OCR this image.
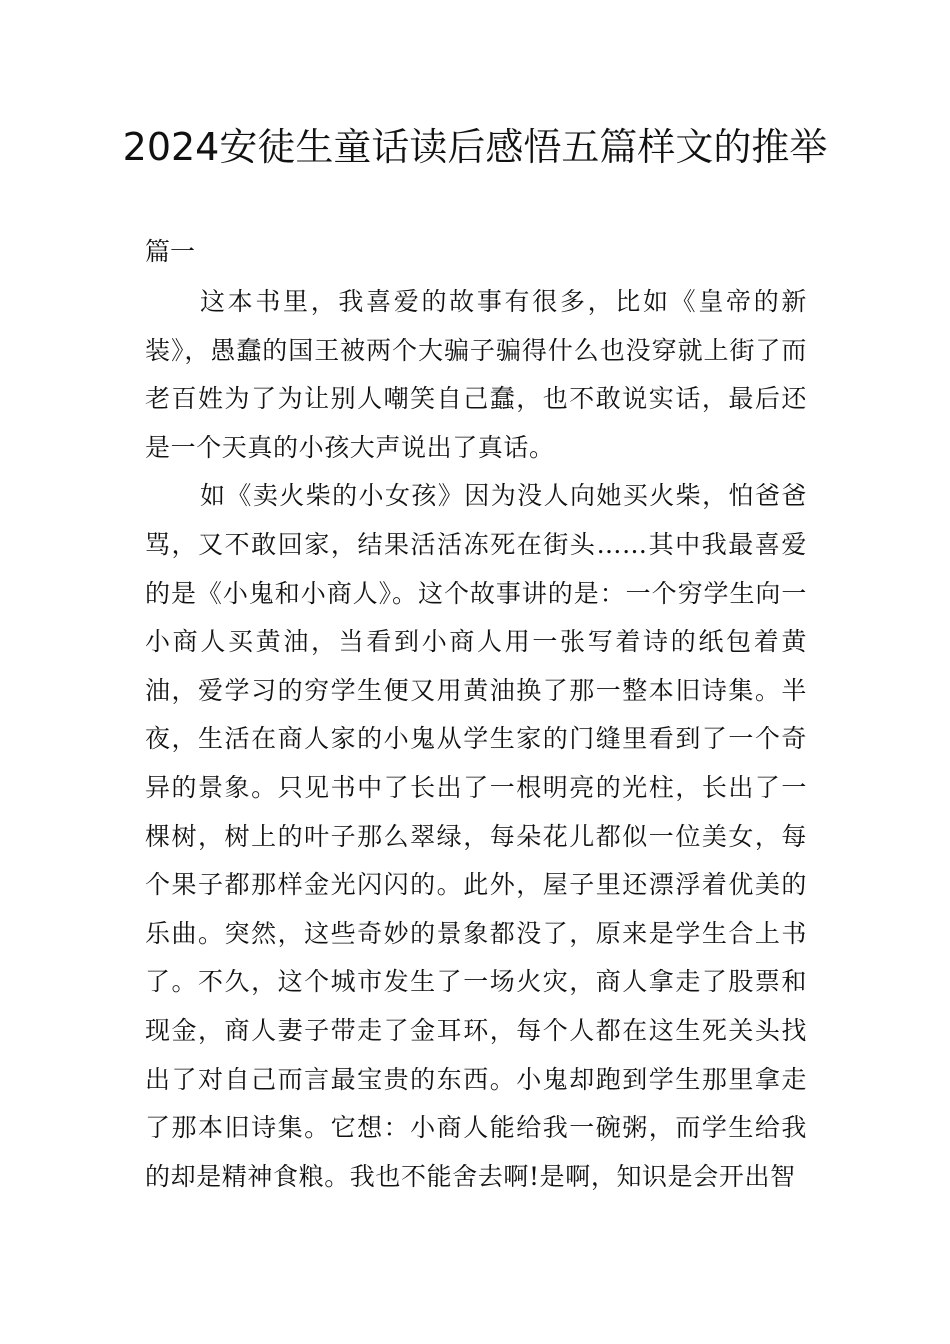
2024安徒生童话读后感悟五篇样文的推举

篇一

这本书里，我喜爱的故事有很多，比如《皇帝的新装》，愚蠢的国王被两个大骗子骗得什么也没穿就上街了而老百姓为了为让别人嘲笑自己蠢，也不敢说实话，最后还是一个天真的小孩大声说出了真话。

如《卖火柴的小女孩》因为没人向她买火柴，怕爸爸骂，又不敢回家，结果活活冻死在街头……其中我最喜爱的是《小鬼和小商人》。这个故事讲的是：一个穷学生向一小商人买黄油，当看到小商人用一张写着诗的纸包着黄油，爱学习的穷学生便又用黄油换了那一整本旧诗集。半夜，生活在商人家的小鬼从学生家的门缝里看到了一个奇异的景象。只见书中了长出了一根明亮的光柱，长出了一棵树，树上的叶子那么翠绿，每朵花儿都似一位美女，每个果子都那样金光闪闪的。此外，屋子里还漂浮着优美的乐曲。突然，这些奇妙的景象都没了，原来是学生合上书了。不久，这个城市发生了一场火灾，商人拿走了股票和现金，商人妻子带走了金耳环，每个人都在这生死关头找出了对自己而言最宝贵的东西。小鬼却跑到学生那里拿走了那本旧诗集。它想：小商人能给我一碗粥，而学生给我的却是精神食粮。我也不能舍去啊!是啊，知识是会开出智
